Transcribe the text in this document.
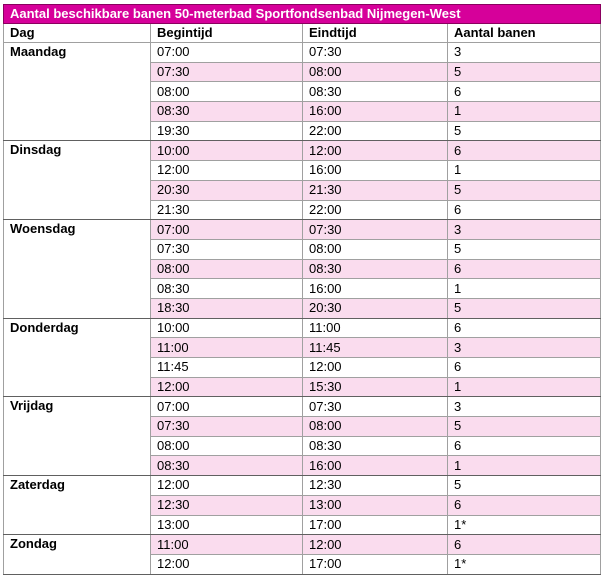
Aantal beschikbare banen 50-meterbad Sportfondsenbad Nijmegen-West			
Dag	Begintijd	Eindtijd	Aantal banen
Maandag	07:00	07:30	3
	07:30	08:00	5
	08:00	08:30	6
	08:30	16:00	1
	19:30	22:00	5
Dinsdag	10:00	12:00	6
	12:00	16:00	1
	20:30	21:30	5
	21:30	22:00	6
Woensdag	07:00	07:30	3
	07:30	08:00	5
	08:00	08:30	6
	08:30	16:00	1
	18:30	20:30	5
Donderdag	10:00	11:00	6
	11:00	11:45	3
	11:45	12:00	6
	12:00	15:30	1
Vrijdag	07:00	07:30	3
	07:30	08:00	5
	08:00	08:30	6
	08:30	16:00	1
Zaterdag	12:00	12:30	5
	12:30	13:00	6
	13:00	17:00	1*
Zondag	11:00	12:00	6
	12:00	17:00	1*
